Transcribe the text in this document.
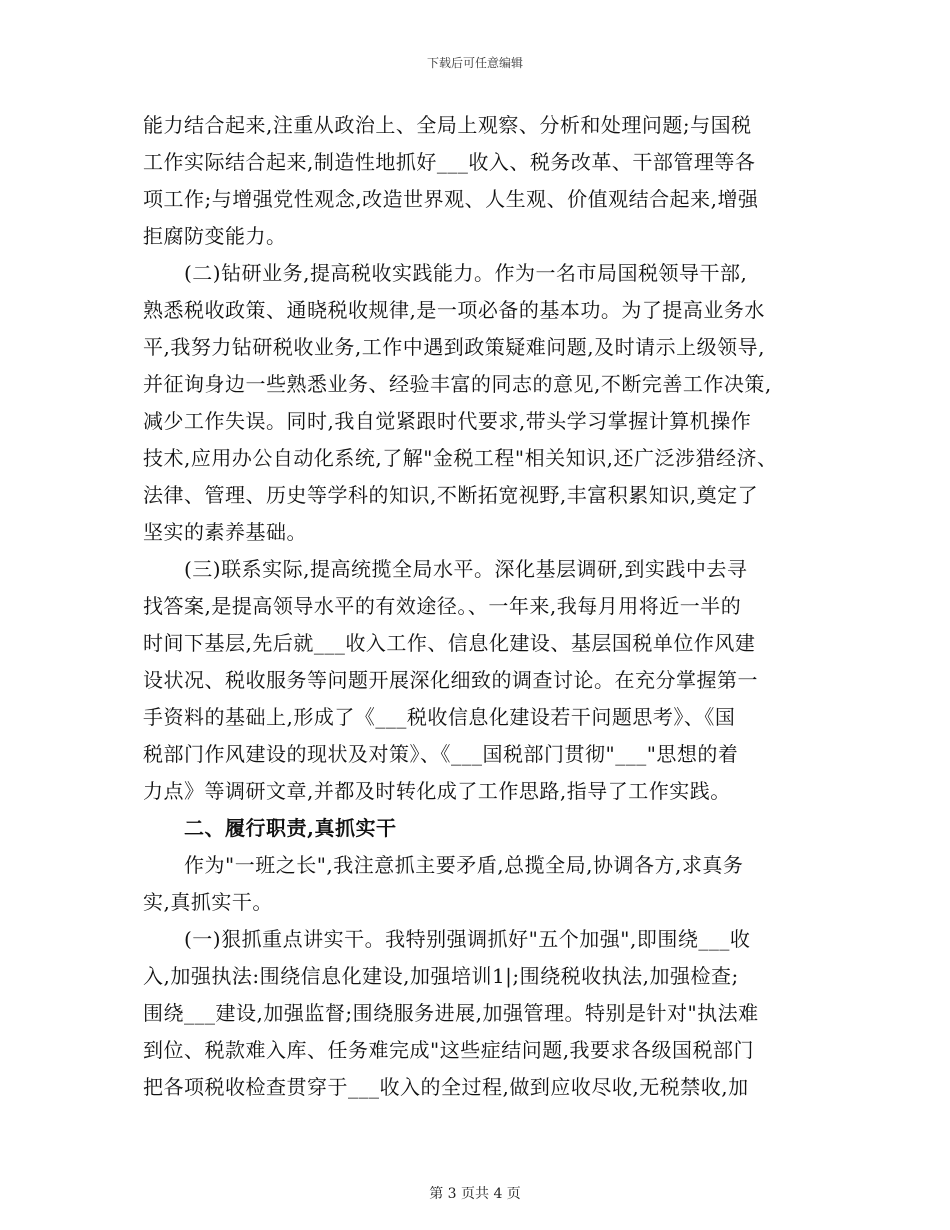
下载后可任意编辑
能力结合起来,注重从政治上、全局上观察、分析和处理问题;与国税
工作实际结合起来,制造性地抓好___收入、税务改革、干部管理等各
项工作;与增强党性观念,改造世界观、人生观、价值观结合起来,增强
拒腐防变能力。
(二)钻研业务,提高税收实践能力。作为一名市局国税领导干部,
熟悉税收政策、通晓税收规律,是一项必备的基本功。为了提高业务水
平,我努力钻研税收业务,工作中遇到政策疑难问题,及时请示上级领导,
并征询身边一些熟悉业务、经验丰富的同志的意见,不断完善工作决策,
减少工作失误。同时,我自觉紧跟时代要求,带头学习掌握计算机操作
技术,应用办公自动化系统,了解"金税工程"相关知识,还广泛涉猎经济、
法律、管理、历史等学科的知识,不断拓宽视野,丰富积累知识,奠定了
坚实的素养基础。
(三)联系实际,提高统揽全局水平。深化基层调研,到实践中去寻
找答案,是提高领导水平的有效途径。、一年来,我每月用将近一半的
时间下基层,先后就___收入工作、信息化建设、基层国税单位作风建
设状况、税收服务等问题开展深化细致的调查讨论。在充分掌握第一
手资料的基础上,形成了《___税收信息化建设若干问题思考》、《国
税部门作风建设的现状及对策》、《___国税部门贯彻"___"思想的着
力点》等调研文章,并都及时转化成了工作思路,指导了工作实践。
二、履行职责,真抓实干
作为"一班之长",我注意抓主要矛盾,总揽全局,协调各方,求真务
实,真抓实干。
(一)狠抓重点讲实干。我特别强调抓好"五个加强",即围绕___收
入,加强执法:围绕信息化建设,加强培训1|;围绕税收执法,加强检查;
围绕___建设,加强监督;围绕服务进展,加强管理。特别是针对"执法难
到位、税款难入库、任务难完成"这些症结问题,我要求各级国税部门
把各项税收检查贯穿于___收入的全过程,做到应收尽收,无税禁收,加
第 3 页共 4 页
